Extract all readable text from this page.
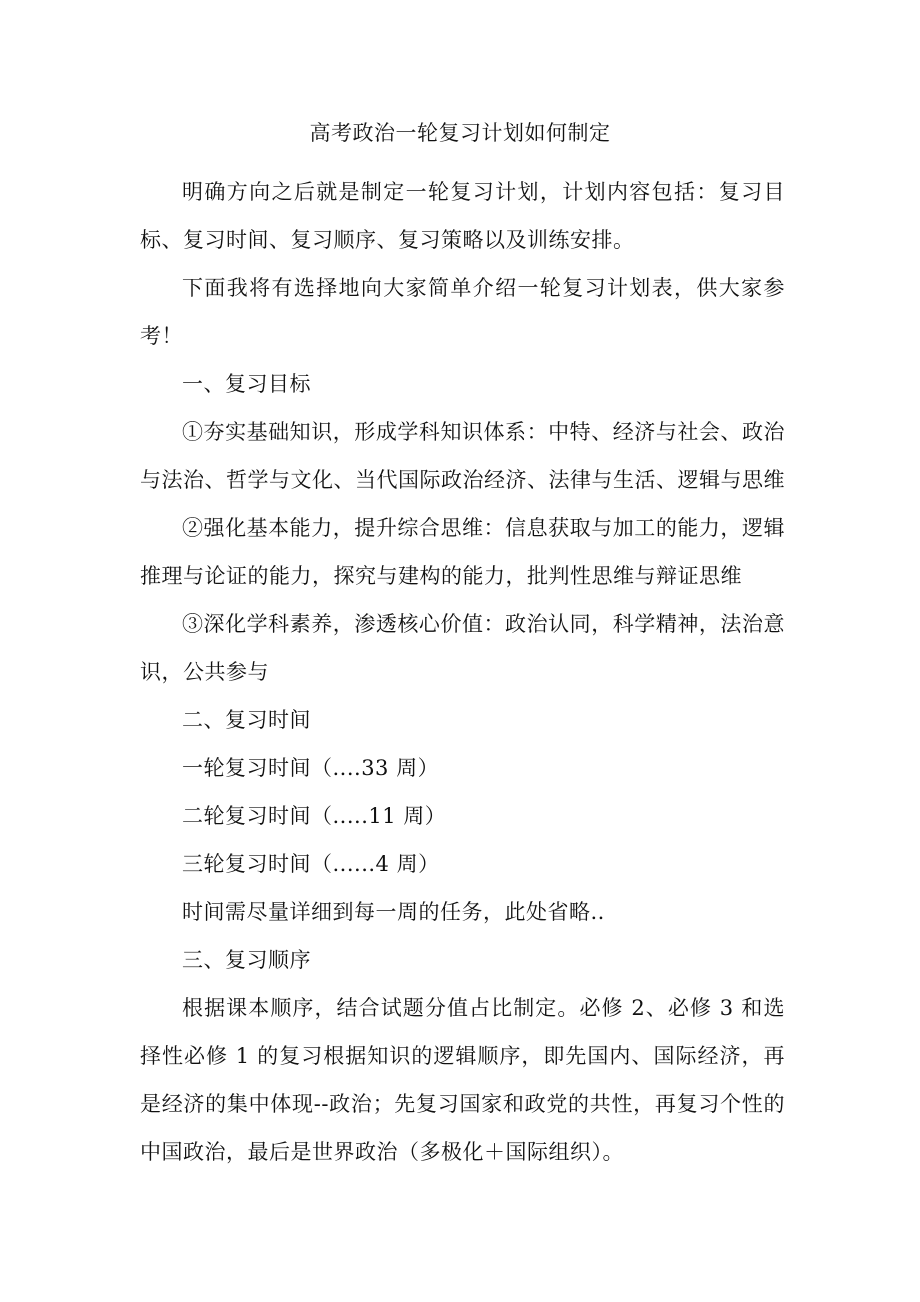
高考政治一轮复习计划如何制定

明确方向之后就是制定一轮复习计划，计划内容包括：复习目标、复习时间、复习顺序、复习策略以及训练安排。

下面我将有选择地向大家简单介绍一轮复习计划表，供大家参考！

一、复习目标

①夯实基础知识，形成学科知识体系：中特、经济与社会、政治与法治、哲学与文化、当代国际政治经济、法律与生活、逻辑与思维

②强化基本能力，提升综合思维：信息获取与加工的能力，逻辑推理与论证的能力，探究与建构的能力，批判性思维与辩证思维

③深化学科素养，渗透核心价值：政治认同，科学精神，法治意识，公共参与

二、复习时间

一轮复习时间（....33 周）

二轮复习时间（.....11 周）

三轮复习时间（......4 周）

时间需尽量详细到每一周的任务，此处省略..

三、复习顺序

根据课本顺序，结合试题分值占比制定。必修 2、必修 3 和选择性必修 1 的复习根据知识的逻辑顺序，即先国内、国际经济，再是经济的集中体现--政治；先复习国家和政党的共性，再复习个性的中国政治，最后是世界政治（多极化＋国际组织）。
